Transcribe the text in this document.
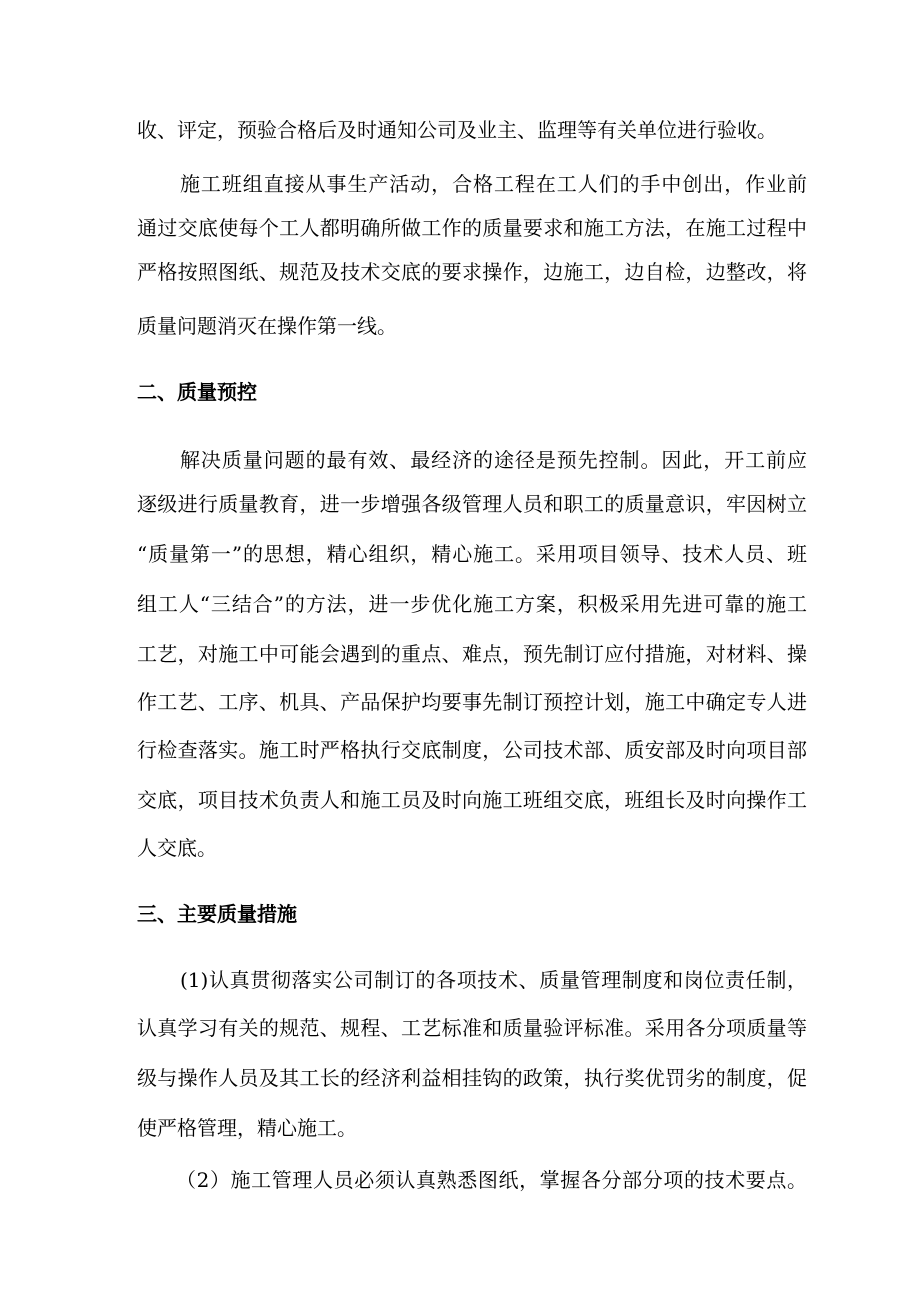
收、评定，预验合格后及时通知公司及业主、监理等有关单位进行验收。
施工班组直接从事生产活动，合格工程在工人们的手中创出，作业前
通过交底使每个工人都明确所做工作的质量要求和施工方法，在施工过程中
严格按照图纸、规范及技术交底的要求操作，边施工，边自检，边整改，将
质量问题消灭在操作第一线。
二、质量预控
解决质量问题的最有效、最经济的途径是预先控制。因此，开工前应
逐级进行质量教育，进一步增强各级管理人员和职工的质量意识，牢因树立
“质量第一”的思想，精心组织，精心施工。采用项目领导、技术人员、班
组工人“三结合”的方法，进一步优化施工方案，积极采用先进可靠的施工
工艺，对施工中可能会遇到的重点、难点，预先制订应付措施，对材料、操
作工艺、工序、机具、产品保护均要事先制订预控计划，施工中确定专人进
行检查落实。施工时严格执行交底制度，公司技术部、质安部及时向项目部
交底，项目技术负责人和施工员及时向施工班组交底，班组长及时向操作工
人交底。
三、主要质量措施
(1)认真贯彻落实公司制订的各项技术、质量管理制度和岗位责任制，
认真学习有关的规范、规程、工艺标准和质量验评标准。采用各分项质量等
级与操作人员及其工长的经济利益相挂钩的政策，执行奖优罚劣的制度，促
使严格管理，精心施工。
（2）施工管理人员必须认真熟悉图纸，掌握各分部分项的技术要点。
